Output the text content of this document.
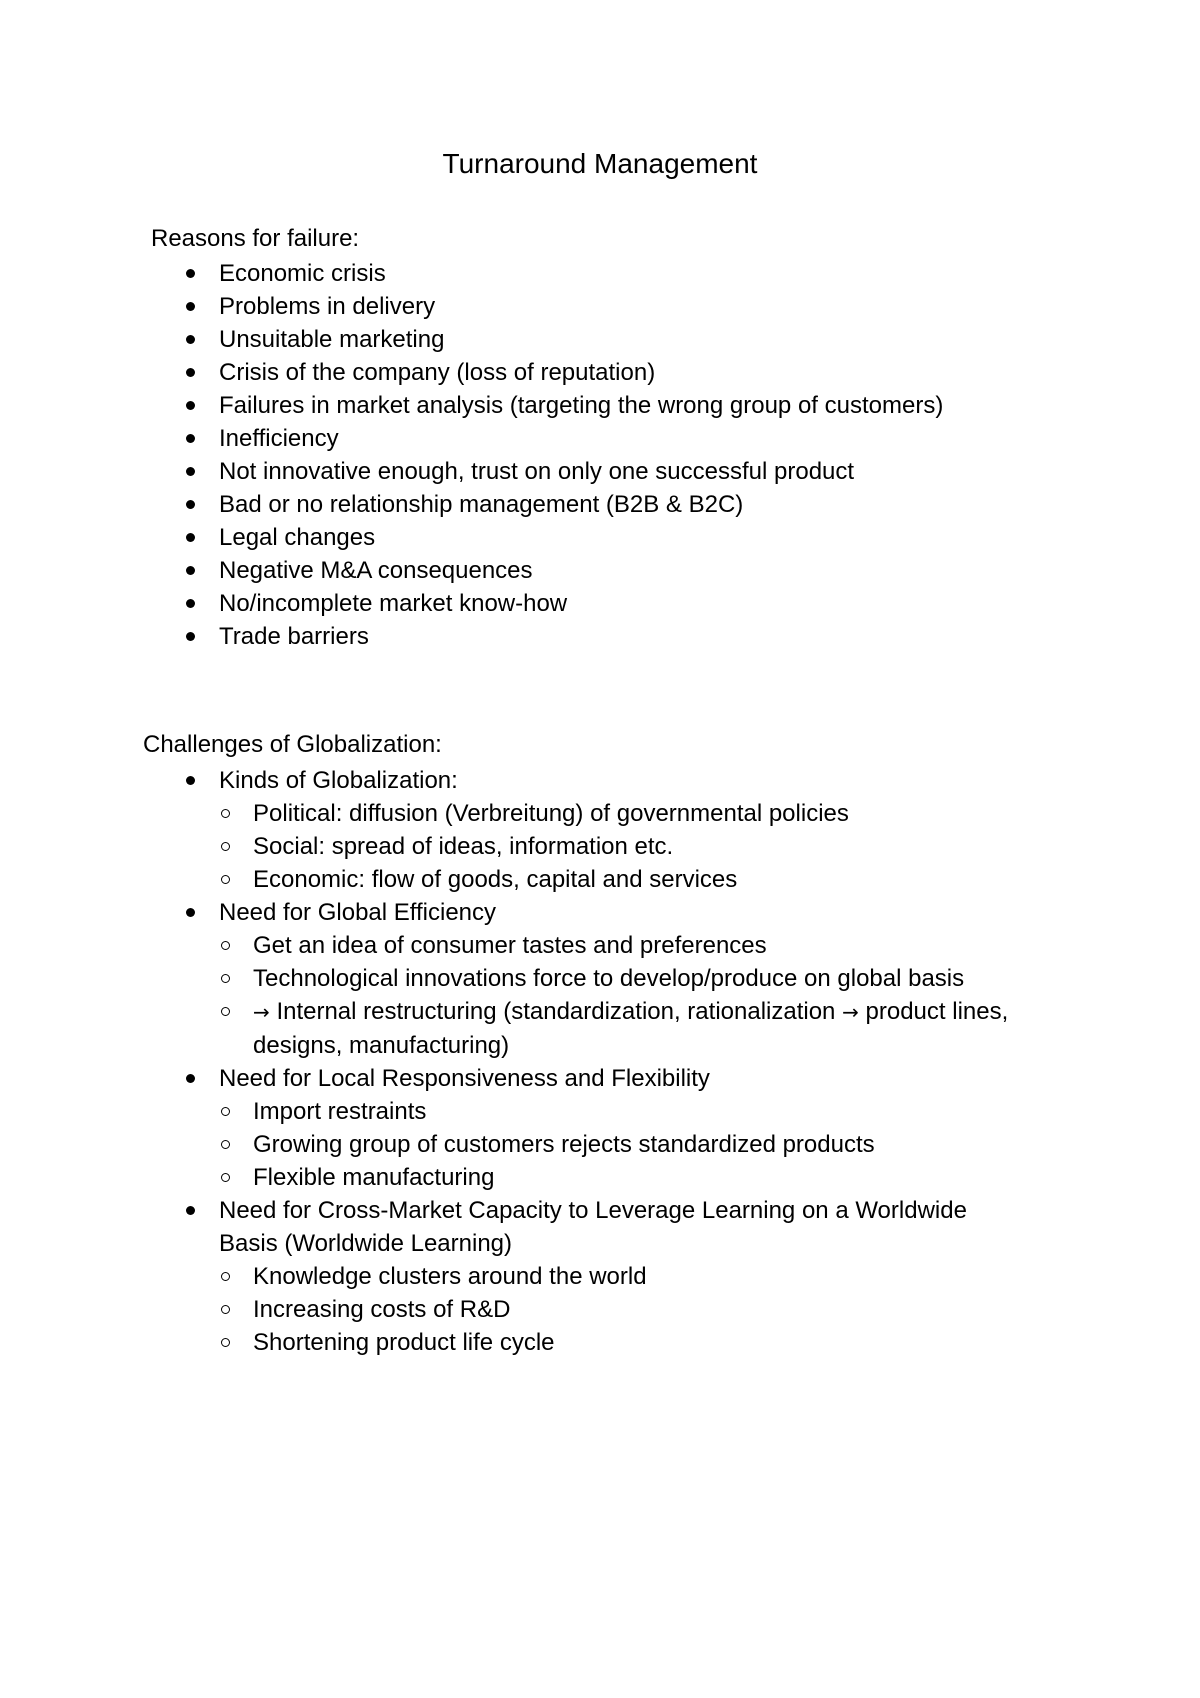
Turnaround Management

Reasons for failure:

Economic crisis
Problems in delivery
Unsuitable marketing
Crisis of the company (loss of reputation)
Failures in market analysis (targeting the wrong group of customers)
Inefficiency
Not innovative enough, trust on only one successful product
Bad or no relationship management (B2B & B2C)
Legal changes
Negative M&A consequences
No/incomplete market know-how
Trade barriers

Challenges of Globalization:

Kinds of Globalization:
Political: diffusion (Verbreitung) of governmental policies
Social: spread of ideas, information etc.
Economic: flow of goods, capital and services
Need for Global Efficiency
Get an idea of consumer tastes and preferences
Technological innovations force to develop/produce on global basis
→ Internal restructuring (standardization, rationalization → product lines, designs, manufacturing)
Need for Local Responsiveness and Flexibility
Import restraints
Growing group of customers rejects standardized products
Flexible manufacturing
Need for Cross-Market Capacity to Leverage Learning on a Worldwide Basis (Worldwide Learning)
Knowledge clusters around the world
Increasing costs of R&D
Shortening product life cycle
